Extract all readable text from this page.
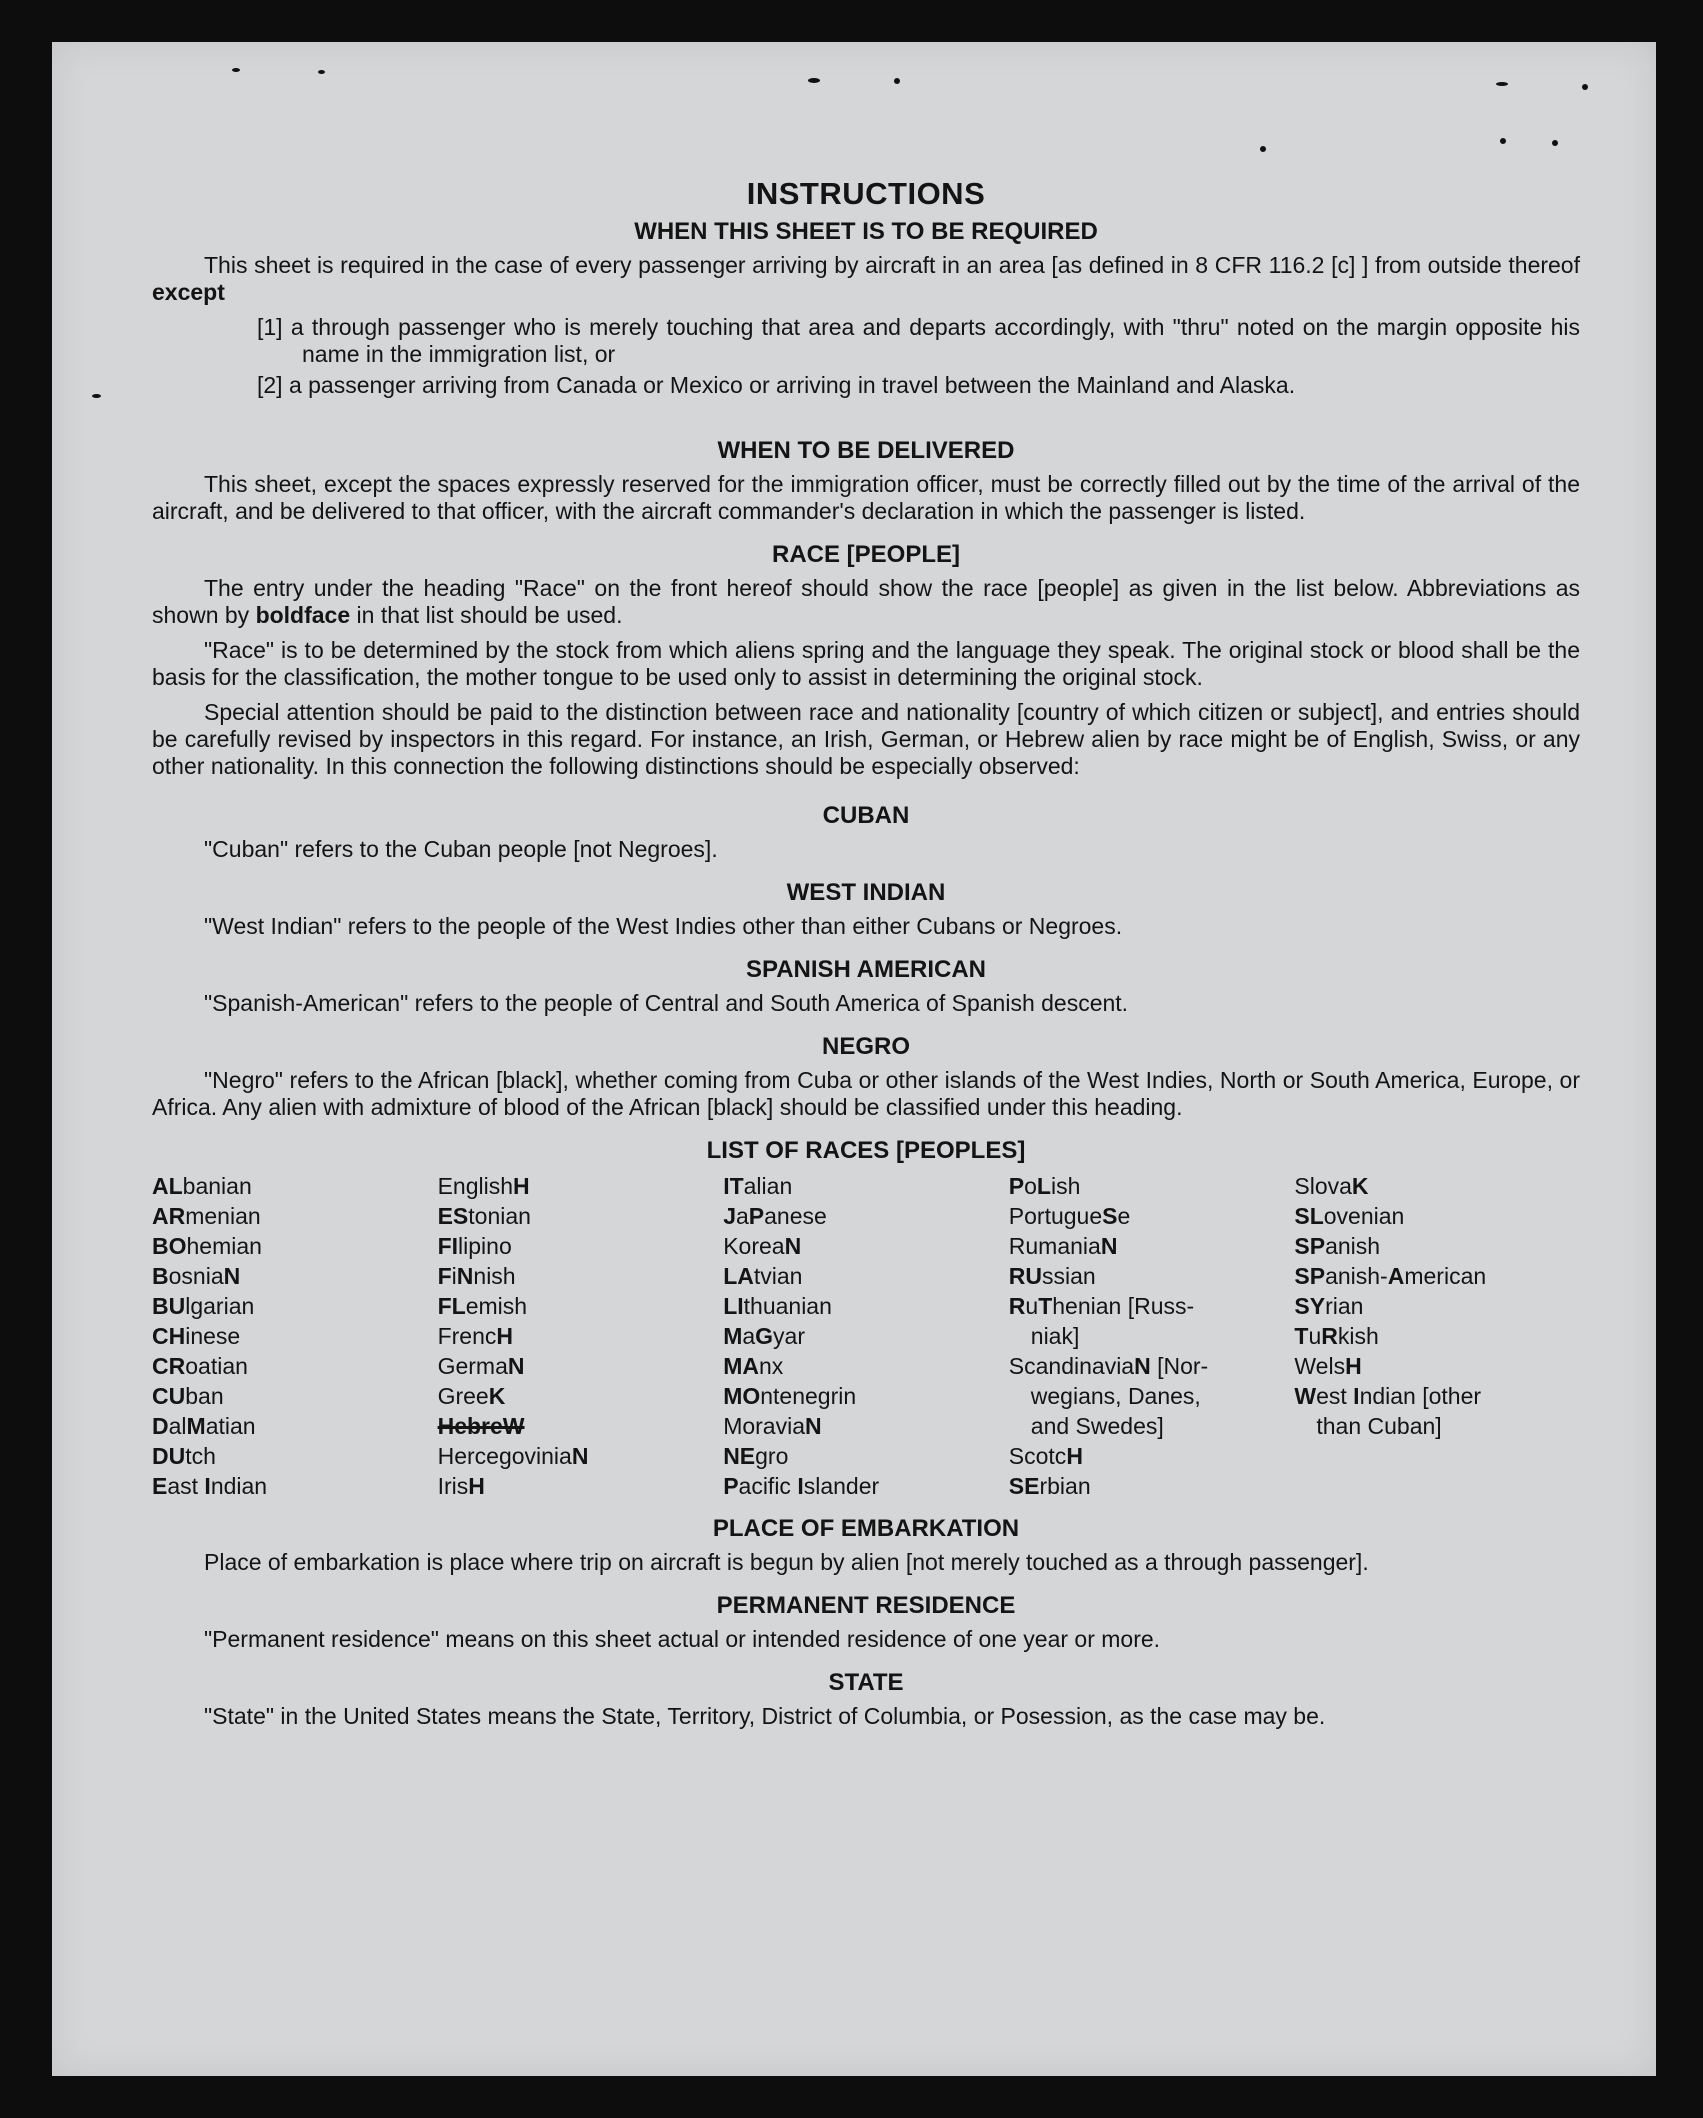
INSTRUCTIONS
WHEN THIS SHEET IS TO BE REQUIRED

This sheet is required in the case of every passenger arriving by aircraft in an area [as defined in 8 CFR 116.2 [c] ] from outside thereof except

[1] a through passenger who is merely touching that area and departs accordingly, with "thru" noted on the margin opposite his name in the immigration list, or

[2] a passenger arriving from Canada or Mexico or arriving in travel between the Mainland and Alaska.

WHEN TO BE DELIVERED

This sheet, except the spaces expressly reserved for the immigration officer, must be correctly filled out by the time of the arrival of the aircraft, and be delivered to that officer, with the aircraft commander's declaration in which the passenger is listed.

RACE [PEOPLE]

The entry under the heading "Race" on the front hereof should show the race [people] as given in the list below. Abbreviations as shown by boldface in that list should be used.

"Race" is to be determined by the stock from which aliens spring and the language they speak. The original stock or blood shall be the basis for the classification, the mother tongue to be used only to assist in determining the original stock.

Special attention should be paid to the distinction between race and nationality [country of which citizen or subject], and entries should be carefully revised by inspectors in this regard. For instance, an Irish, German, or Hebrew alien by race might be of English, Swiss, or any other nationality. In this connection the following distinctions should be especially observed:

CUBAN

"Cuban" refers to the Cuban people [not Negroes].

WEST INDIAN

"West Indian" refers to the people of the West Indies other than either Cubans or Negroes.

SPANISH AMERICAN

"Spanish-American" refers to the people of Central and South America of Spanish descent.

NEGRO

"Negro" refers to the African [black], whether coming from Cuba or other islands of the West Indies, North or South America, Europe, or Africa. Any alien with admixture of blood of the African [black] should be classified under this heading.

LIST OF RACES [PEOPLES]
ALbanian
ARmenian
BOhemian
BosniaN
BUlgarian
CHinese
CRoatian
CUban
DalMatian
DUtch
East Indian
EnglishH
EStonian
FIlipino
FiNnish
FLemish
FrencH
GermaN
GreeK
HebreW
HercegoviniaN
IrisH
ITalian
JaPanese
KoreaN
LAtvian
LIthuanian
MaGyar
MAnx
MOntenegrin
MoraviaN
NEgro
Pacific Islander
PoLish
PortugueSe
RumaniaN
RUssian
RuThenian [Russ-
niak]
ScandinaviaN [Nor-
wegians, Danes,
and Swedes]
ScotcH
SErbian
SlovaK
SLovenian
SPanish
SPanish-American
SYrian
TuRkish
WelsH
West Indian [other
than Cuban]
PLACE OF EMBARKATION

Place of embarkation is place where trip on aircraft is begun by alien [not merely touched as a through passenger].

PERMANENT RESIDENCE

"Permanent residence" means on this sheet actual or intended residence of one year or more.

STATE

"State" in the United States means the State, Territory, District of Columbia, or Posession, as the case may be.
